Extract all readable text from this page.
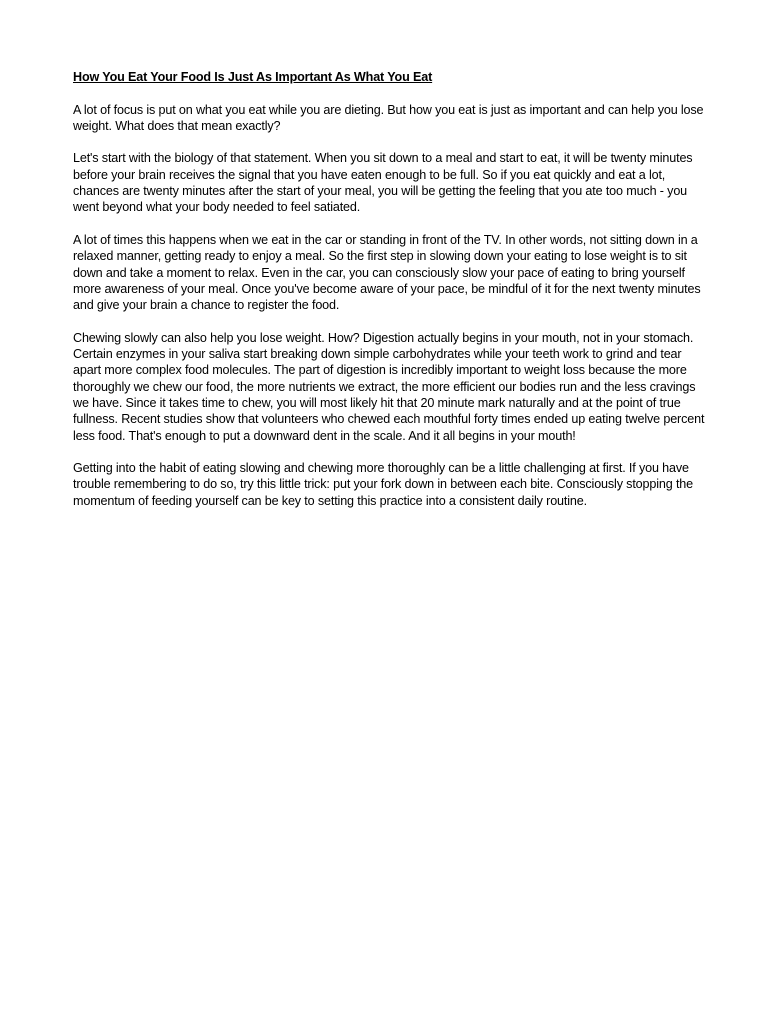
How You Eat Your Food Is Just As Important As What You Eat

A lot of focus is put on what you eat while you are dieting. But how you eat is just as important and can help you lose weight. What does that mean exactly?

Let's start with the biology of that statement. When you sit down to a meal and start to eat, it will be twenty minutes before your brain receives the signal that you have eaten enough to be full. So if you eat quickly and eat a lot, chances are twenty minutes after the start of your meal, you will be getting the feeling that you ate too much - you went beyond what your body needed to feel satiated.

A lot of times this happens when we eat in the car or standing in front of the TV. In other words, not sitting down in a relaxed manner, getting ready to enjoy a meal. So the first step in slowing down your eating to lose weight is to sit down and take a moment to relax. Even in the car, you can consciously slow your pace of eating to bring yourself more awareness of your meal. Once you've become aware of your pace, be mindful of it for the next twenty minutes and give your brain a chance to register the food.

Chewing slowly can also help you lose weight. How? Digestion actually begins in your mouth, not in your stomach. Certain enzymes in your saliva start breaking down simple carbohydrates while your teeth work to grind and tear apart more complex food molecules. The part of digestion is incredibly important to weight loss because the more thoroughly we chew our food, the more nutrients we extract, the more efficient our bodies run and the less cravings we have. Since it takes time to chew, you will most likely hit that 20 minute mark naturally and at the point of true fullness. Recent studies show that volunteers who chewed each mouthful forty times ended up eating twelve percent less food. That's enough to put a downward dent in the scale. And it all begins in your mouth!

Getting into the habit of eating slowing and chewing more thoroughly can be a little challenging at first. If you have trouble remembering to do so, try this little trick: put your fork down in between each bite. Consciously stopping the momentum of feeding yourself can be key to setting this practice into a consistent daily routine.
